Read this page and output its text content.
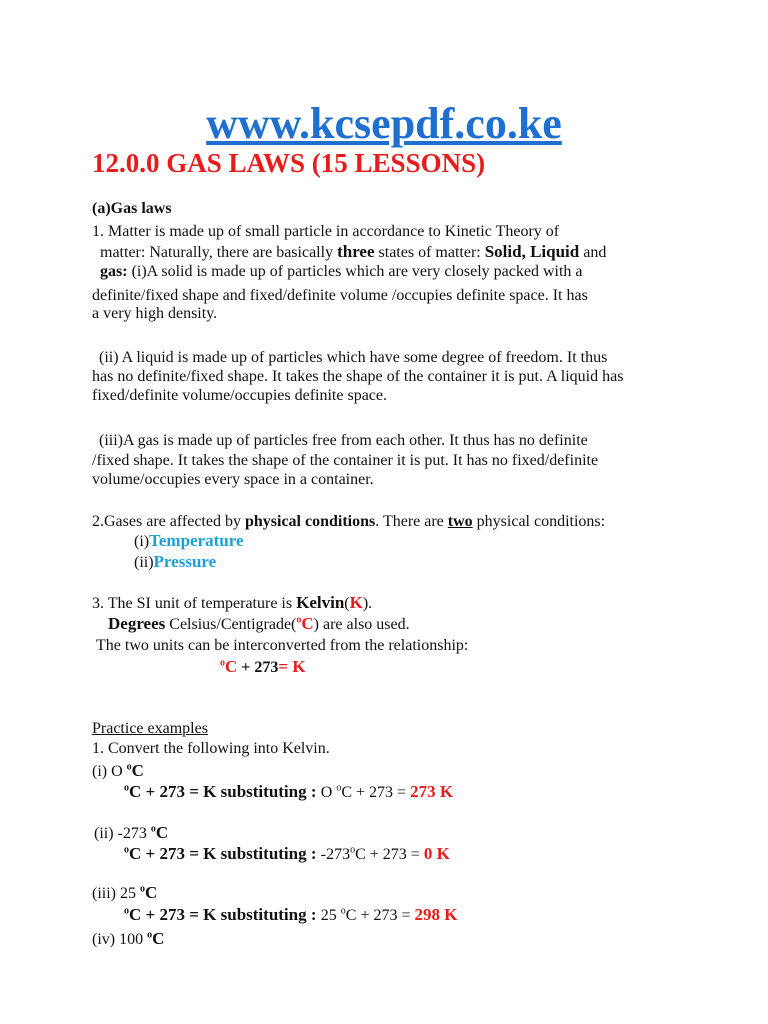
www.kcsepdf.co.ke
12.0.0 GAS LAWS (15 LESSONS)
(a)Gas laws
1. Matter is made up of small particle in accordance to Kinetic Theory of
matter: Naturally, there are basically three states of matter: Solid, Liquid and
gas: (i)A solid is made up of particles which are very closely packed with a
definite/fixed shape and fixed/definite volume /occupies definite space. It has
a very high density.
(ii) A liquid is made up of particles which have some degree of freedom. It thus
has no definite/fixed shape. It takes the shape of the container it is put. A liquid has
fixed/definite volume/occupies definite space.
(iii)A gas is made up of particles free from each other. It thus has no definite
/fixed shape. It takes the shape of the container it is put. It has no fixed/definite
volume/occupies every space in a container.
2.Gases are affected by physical conditions. There are two physical conditions:
(i)Temperature
(ii)Pressure
3. The SI unit of temperature is Kelvin(K).
Degrees Celsius/Centigrade($^o$C) are also used.
The two units can be interconverted from the relationship:
$^o$C + 273= K
Practice examples
1. Convert the following into Kelvin.
(i) O $^o$C
$^o$C + 273 = K substituting : O $^o$C + 273 = 273 K
(ii) -273 $^o$C
$^o$C + 273 = K substituting : $-273^oC + 273 = 0$ K
(iii) 25 $^o$C
$^o$C + 273 = K substituting : 25 $^o$C + 273 = 298 K
(iv) 100 $^o$C
